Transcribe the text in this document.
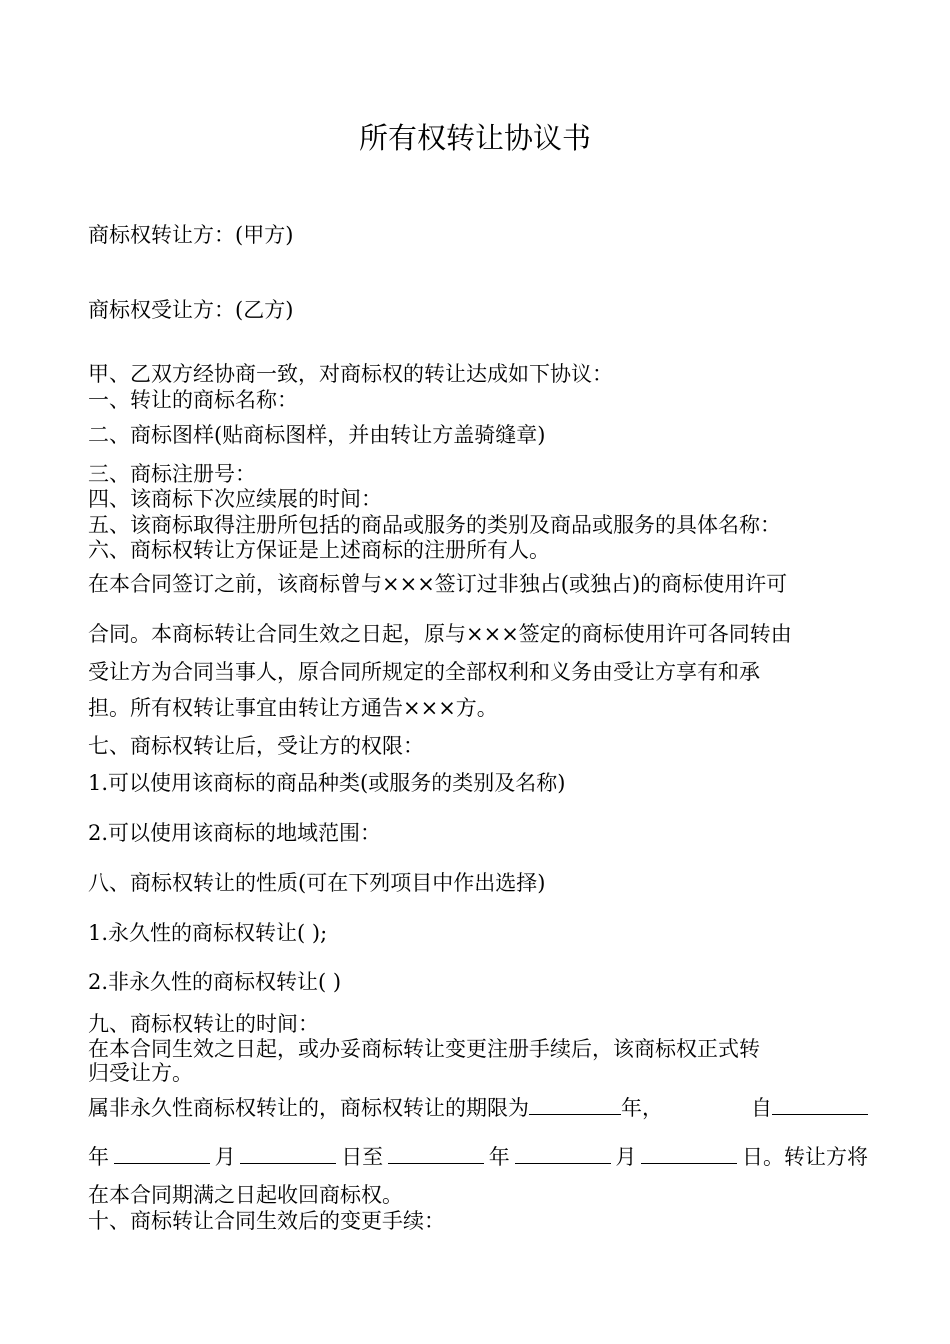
所有权转让协议书
商标权转让方：(甲方)
商标权受让方：(乙方)
甲、乙双方经协商一致，对商标权的转让达成如下协议：
一、转让的商标名称：
二、商标图样(贴商标图样，并由转让方盖骑缝章)
三、商标注册号：
四、该商标下次应续展的时间：
五、该商标取得注册所包括的商品或服务的类别及商品或服务的具体名称：
六、商标权转让方保证是上述商标的注册所有人。
在本合同签订之前，该商标曾与×××签订过非独占(或独占)的商标使用许可
合同。本商标转让合同生效之日起，原与×××签定的商标使用许可各同转由
受让方为合同当事人，原合同所规定的全部权利和义务由受让方享有和承
担。所有权转让事宜由转让方通告×××方。
七、商标权转让后，受让方的权限：
1.可以使用该商标的商品种类(或服务的类别及名称)
2.可以使用该商标的地域范围：
八、商标权转让的性质(可在下列项目中作出选择)
1.永久性的商标权转让( );
2.非永久性的商标权转让( )
九、商标权转让的时间：
在本合同生效之日起，或办妥商标转让变更注册手续后，该商标权正式转
归受让方。
属非永久性商标权转让的，商标权转让的期限为	年，	自
年	月	日至	年	月	日。转让方将
在本合同期满之日起收回商标权。
十、商标转让合同生效后的变更手续：
